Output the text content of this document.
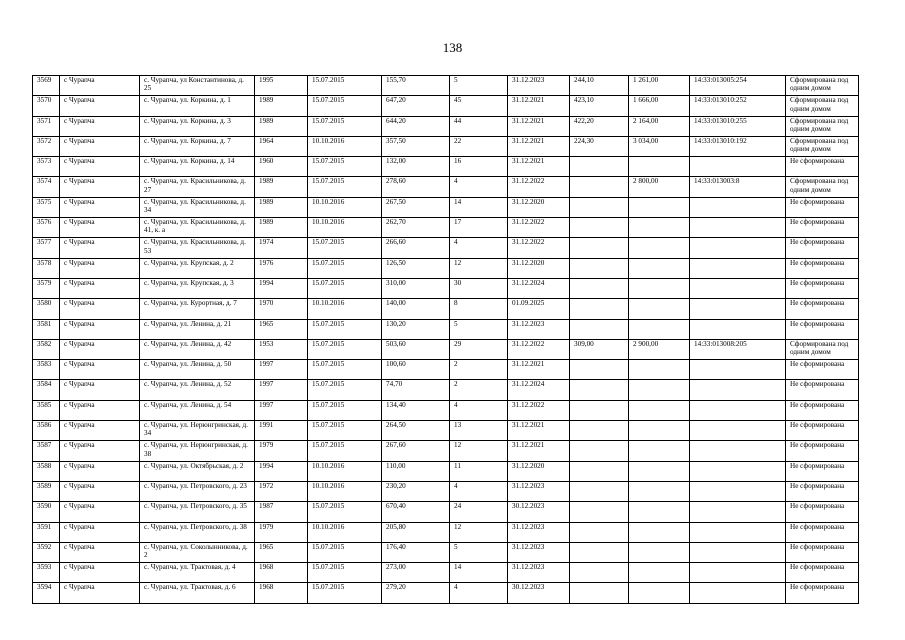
138
3569	с Чурапча	с. Чурапча, ул Константинова, д. 25	1995	15.07.2015	155,70	5	31.12.2023	244,10	1 261,00	14:33:013005:254	Сформирована под одним домом
3570	с Чурапча	с. Чурапча, ул. Коркина, д. 1	1989	15.07.2015	647,20	45	31.12.2021	423,10	1 666,00	14:33:013010:252	Сформирована под одним домом
3571	с Чурапча	с. Чурапча, ул. Коркина, д. 3	1989	15.07.2015	644,20	44	31.12.2021	422,20	2 164,00	14:33:013010:255	Сформирована под одним домом
3572	с Чурапча	с. Чурапча, ул. Коркина, д. 7	1964	10.10.2016	357,50	22	31.12.2021	224,30	3 034,00	14:33:013010:192	Сформирована под одним домом
3573	с Чурапча	с. Чурапча, ул. Коркина, д. 14	1960	15.07.2015	132,00	16	31.12.2021				Не сформирована
3574	с Чурапча	с. Чурапча, ул. Красильникова, д. 27	1989	15.07.2015	278,60	4	31.12.2022		2 800,00	14:33:013003:8	Сформирована под одним домом
3575	с Чурапча	с. Чурапча, ул. Красильникова, д. 34	1989	10.10.2016	267,50	14	31.12.2020				Не сформирована
3576	с Чурапча	с. Чурапча, ул. Красильникова, д. 41, к. а	1989	10.10.2016	262,70	17	31.12.2022				Не сформирована
3577	с Чурапча	с. Чурапча, ул. Красильникова, д. 53	1974	15.07.2015	266,60	4	31.12.2022				Не сформирована
3578	с Чурапча	с. Чурапча, ул. Крупская, д. 2	1976	15.07.2015	126,50	12	31.12.2020				Не сформирована
3579	с Чурапча	с. Чурапча, ул. Крупская, д. 3	1994	15.07.2015	310,00	30	31.12.2024				Не сформирована
3580	с Чурапча	с. Чурапча, ул. Курортная, д. 7	1970	10.10.2016	140,00	8	01.09.2025				Не сформирована
3581	с Чурапча	с. Чурапча, ул. Ленина, д. 21	1965	15.07.2015	130,20	5	31.12.2023				Не сформирована
3582	с Чурапча	с. Чурапча, ул. Ленина, д. 42	1953	15.07.2015	503,60	29	31.12.2022	309,00	2 900,00	14:33:013008:205	Сформирована под одним домом
3583	с Чурапча	с. Чурапча, ул. Ленина, д. 50	1997	15.07.2015	100,60	2	31.12.2021				Не сформирована
3584	с Чурапча	с. Чурапча, ул. Ленина, д. 52	1997	15.07.2015	74,70	2	31.12.2024				Не сформирована
3585	с Чурапча	с. Чурапча, ул. Ленина, д. 54	1997	15.07.2015	134,40	4	31.12.2022				Не сформирована
3586	с Чурапча	с. Чурапча, ул. Нерюнгринская, д. 34	1991	15.07.2015	264,50	13	31.12.2021				Не сформирована
3587	с Чурапча	с. Чурапча, ул. Нерюнгринская, д. 38	1979	15.07.2015	267,60	12	31.12.2021				Не сформирована
3588	с Чурапча	с. Чурапча, ул. Октябрьская, д. 2	1994	10.10.2016	110,00	11	31.12.2020				Не сформирована
3589	с Чурапча	с. Чурапча, ул. Петровского, д. 23	1972	10.10.2016	230,20	4	31.12.2023				Не сформирована
3590	с Чурапча	с. Чурапча, ул. Петровского, д. 35	1987	15.07.2015	670,40	24	30.12.2023				Не сформирована
3591	с Чурапча	с. Чурапча, ул. Петровского, д. 38	1979	10.10.2016	205,80	12	31.12.2023				Не сформирована
3592	с Чурапча	с. Чурапча, ул. Соколынникова, д. 2	1965	15.07.2015	176,40	5	31.12.2023				Не сформирована
3593	с Чурапча	с. Чурапча, ул. Трактовая, д. 4	1968	15.07.2015	273,00	14	31.12.2023				Не сформирована
3594	с Чурапча	с. Чурапча, ул. Трактовая, д. 6	1968	15.07.2015	279,20	4	30.12.2023				Не сформирована
